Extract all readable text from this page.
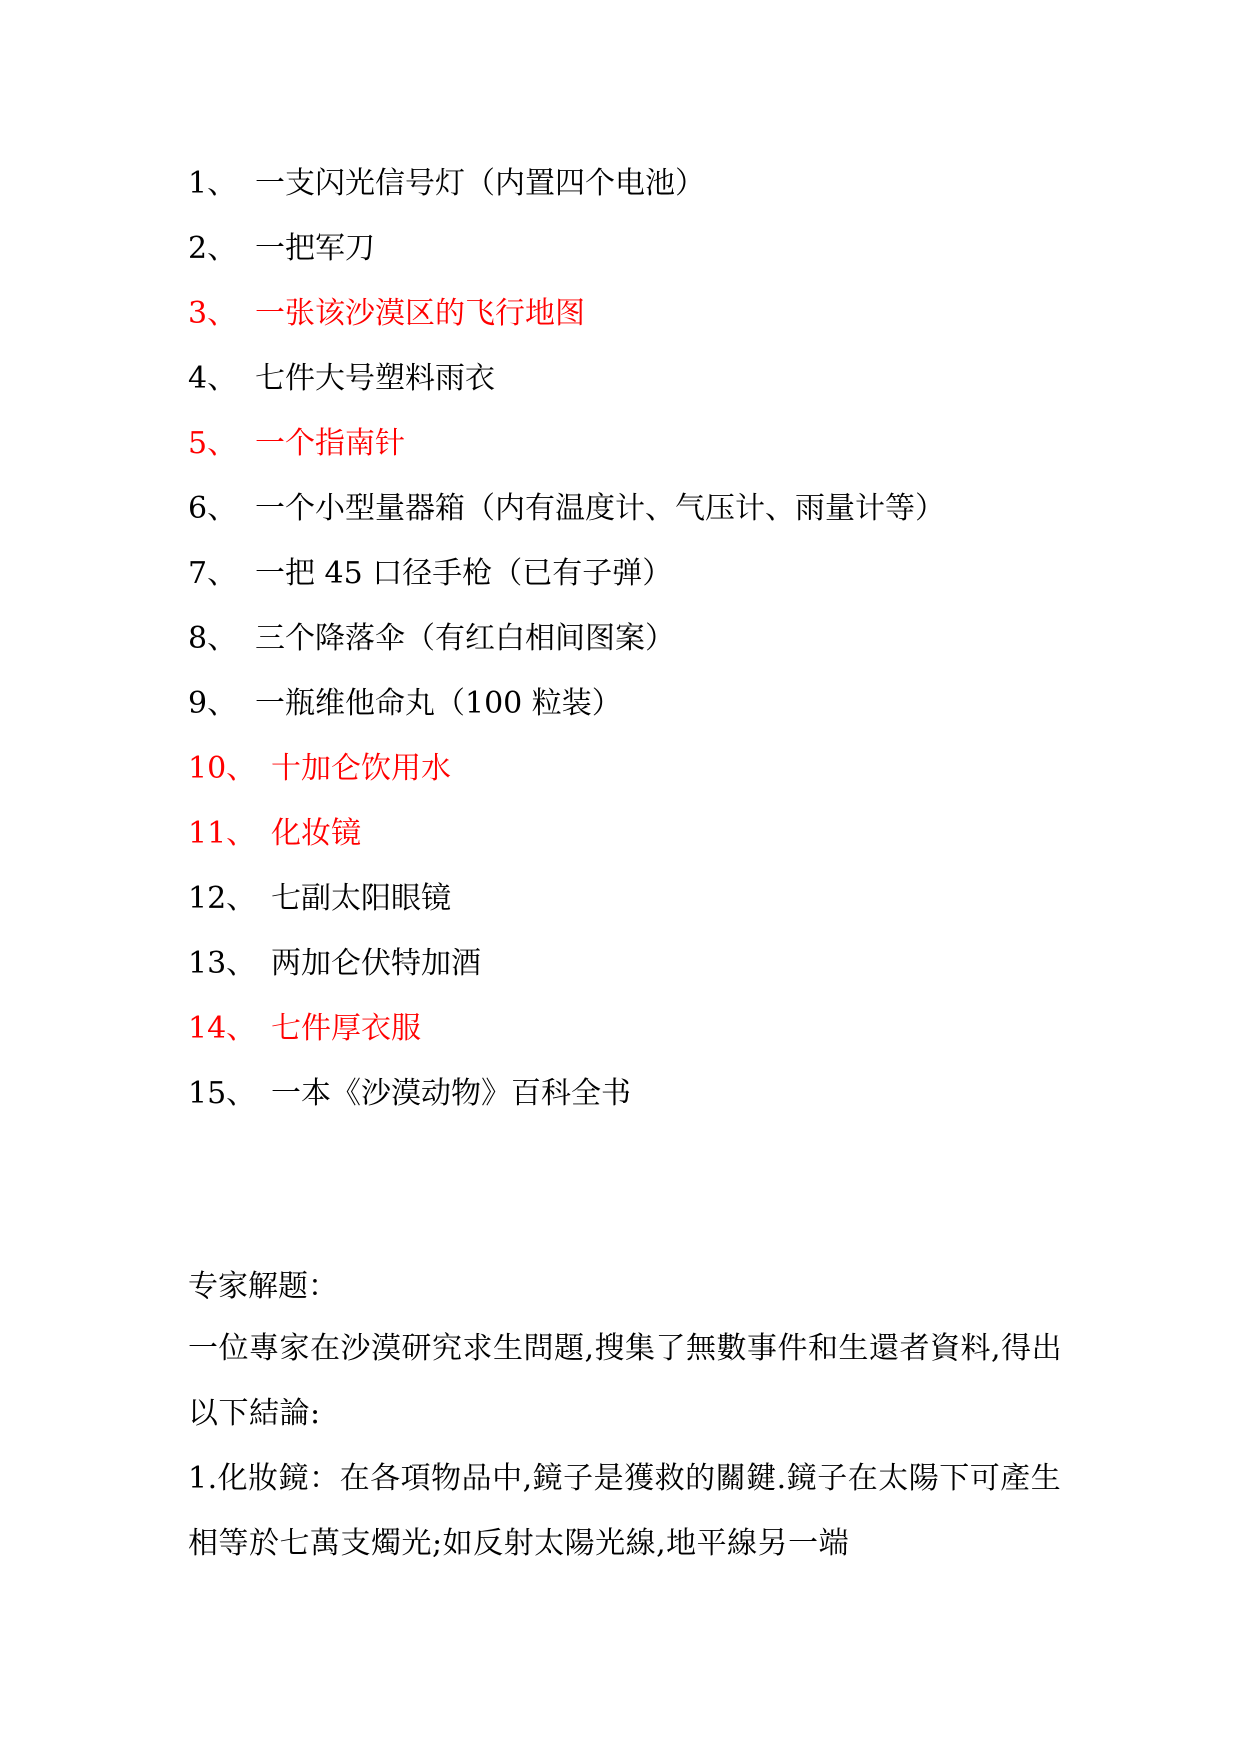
1、 一支闪光信号灯（内置四个电池）
2、 一把军刀
3、 一张该沙漠区的飞行地图
4、 七件大号塑料雨衣
5、 一个指南针
6、 一个小型量器箱（内有温度计、气压计、雨量计等）
7、 一把 45 口径手枪（已有子弹）
8、 三个降落伞（有红白相间图案）
9、 一瓶维他命丸（100 粒装）
10、 十加仑饮用水
11、 化妆镜
12、 七副太阳眼镜
13、 两加仑伏特加酒
14、 七件厚衣服
15、 一本《沙漠动物》百科全书
专家解题：

一位專家在沙漠研究求生問題,搜集了無數事件和生還者資料,得出以下結論:

1.化妝鏡：在各項物品中,鏡子是獲救的關鍵.鏡子在太陽下可產生相等於七萬支燭光;如反射太陽光線,地平線另一端
